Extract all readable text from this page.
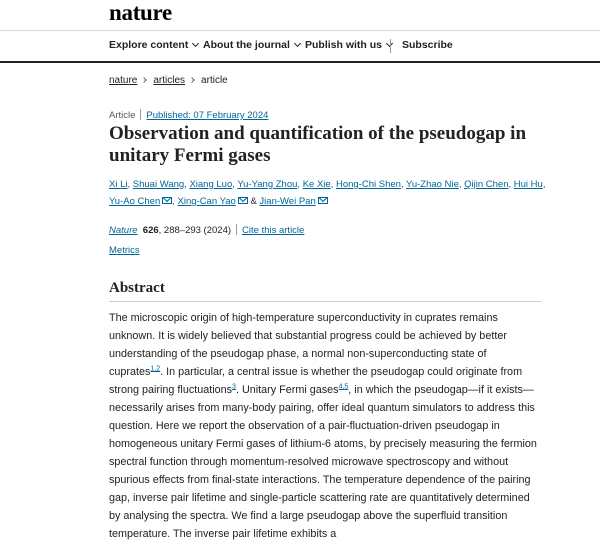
nature
Explore content	About the journal	Publish with us	Subscribe
nature articles article
Article Published: 07 February 2024
Observation and quantification of the pseudogap in unitary Fermi gases
Xi Li, Shuai Wang, Xiang Luo, Yu-Yang Zhou, Ke Xie, Hong-Chi Shen, Yu-Zhao Nie, Qijin Chen, Hui Hu, Yu-Ao Chen , Xing-Can Yao & Jian-Wei Pan
Nature 626, 288–293 (2024) Cite this article
Metrics
Abstract

The microscopic origin of high-temperature superconductivity in cuprates remains unknown. It is widely believed that substantial progress could be achieved by better understanding of the pseudogap phase, a normal non-superconducting state of cuprates$^{1,2}$. In particular, a central issue is whether the pseudogap could originate from strong pairing fluctuations$^3$. Unitary Fermi gases$^{4,5}$, in which the pseudogap—if it exists—necessarily arises from many-body pairing, offer ideal quantum simulators to address this question. Here we report the observation of a pair-fluctuation-driven pseudogap in homogeneous unitary Fermi gases of lithium-6 atoms, by precisely measuring the fermion spectral function through momentum-resolved microwave spectroscopy and without spurious effects from final-state interactions. The temperature dependence of the pairing gap, inverse pair lifetime and single-particle scattering rate are quantitatively determined by analysing the spectra. We find a large pseudogap above the superfluid transition temperature. The inverse pair lifetime exhibits a
